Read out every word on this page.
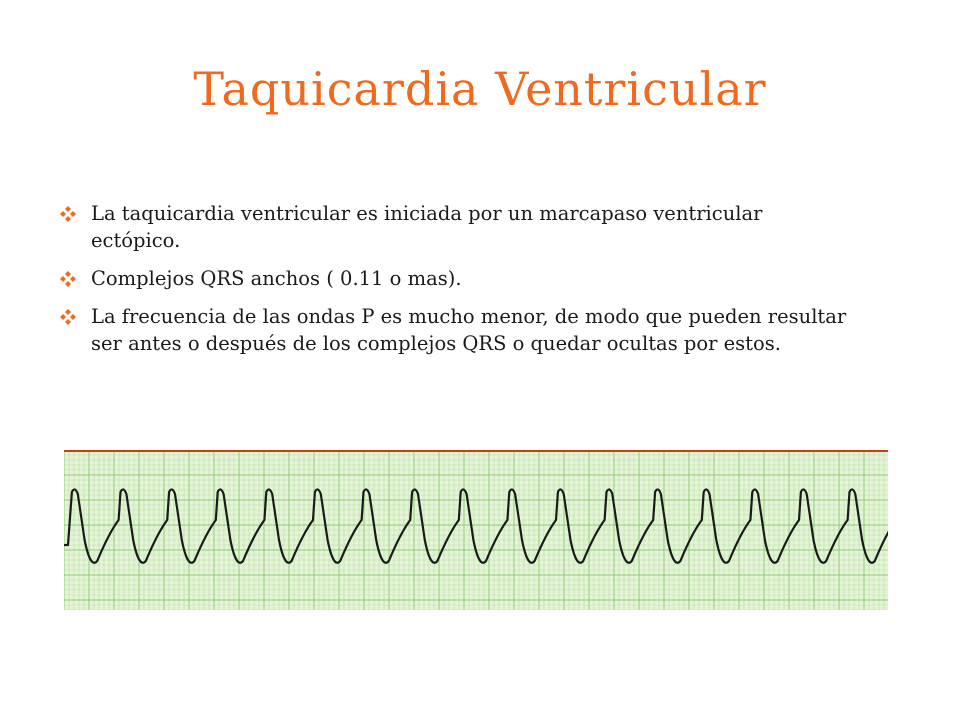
Taquicardia Ventricular
La taquicardia ventricular es iniciada por un marcapaso ventricular ectópico.
Complejos QRS anchos ( 0.11 o mas).
La frecuencia de las ondas P es mucho menor, de modo que pueden resultar ser antes o después de los complejos QRS o quedar ocultas por estos.
